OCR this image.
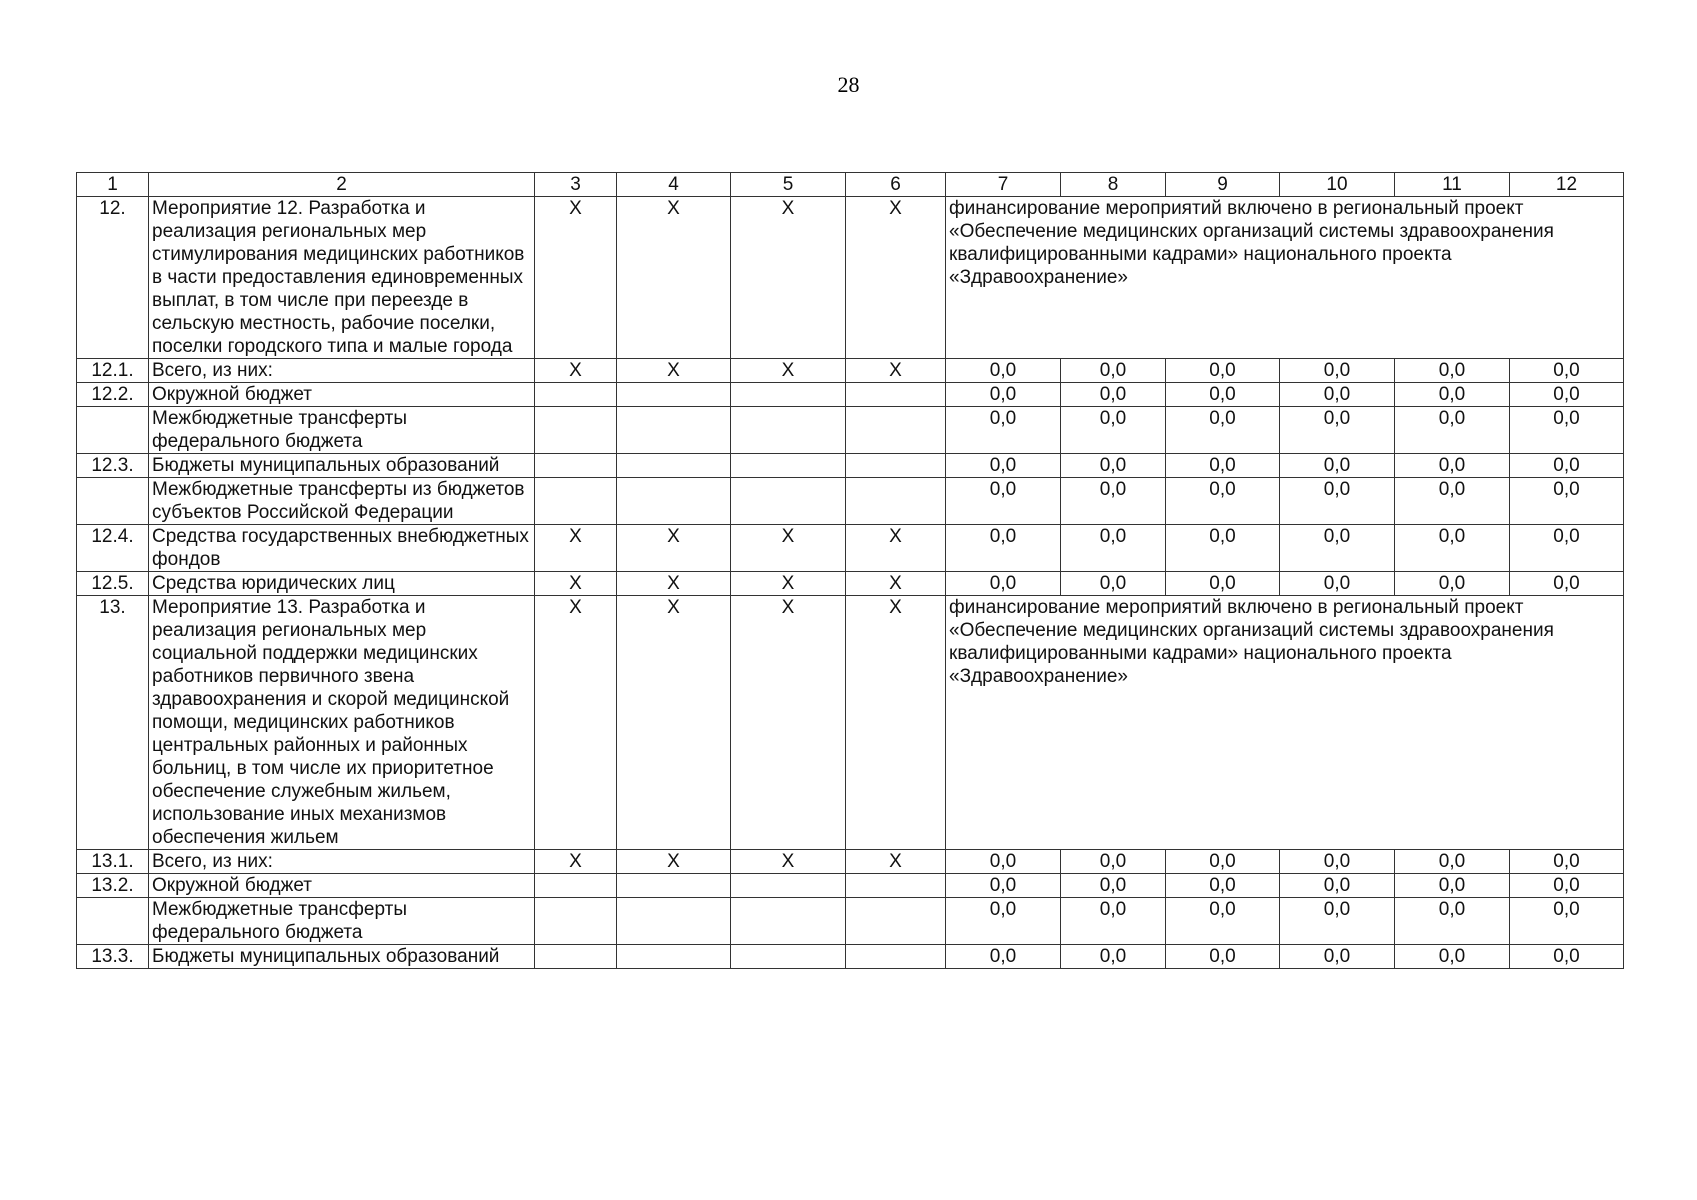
28
1	2	3	4	5	6	7	8	9	10	11	12
12.	Мероприятие 12. Разработка и реализация региональных мер стимулирования медицинских работников в части предоставления единовременных выплат, в том числе при переезде в сельскую местность, рабочие поселки, поселки городского типа и малые города	X	X	X	X	финансирование мероприятий включено в региональный проект «Обеспечение медицинских организаций системы здравоохранения квалифицированными кадрами» национального проекта «Здравоохранение»					
12.1.	Всего, из них:	X	X	X	X	0,0	0,0	0,0	0,0	0,0	0,0
12.2.	Окружной бюджет					0,0	0,0	0,0	0,0	0,0	0,0
	Межбюджетные трансферты федерального бюджета					0,0	0,0	0,0	0,0	0,0	0,0
12.3.	Бюджеты муниципальных образований					0,0	0,0	0,0	0,0	0,0	0,0
	Межбюджетные трансферты из бюджетов субъектов Российской Федерации					0,0	0,0	0,0	0,0	0,0	0,0
12.4.	Средства государственных внебюджетных фондов	X	X	X	X	0,0	0,0	0,0	0,0	0,0	0,0
12.5.	Средства юридических лиц	X	X	X	X	0,0	0,0	0,0	0,0	0,0	0,0
13.	Мероприятие 13. Разработка и реализация региональных мер социальной поддержки медицинских работников первичного звена здравоохранения и скорой медицинской помощи, медицинских работников центральных районных и районных больниц, в том числе их приоритетное обеспечение служебным жильем, использование иных механизмов обеспечения жильем	X	X	X	X	финансирование мероприятий включено в региональный проект «Обеспечение медицинских организаций системы здравоохранения квалифицированными кадрами» национального проекта «Здравоохранение»					
13.1.	Всего, из них:	X	X	X	X	0,0	0,0	0,0	0,0	0,0	0,0
13.2.	Окружной бюджет					0,0	0,0	0,0	0,0	0,0	0,0
	Межбюджетные трансферты федерального бюджета					0,0	0,0	0,0	0,0	0,0	0,0
13.3.	Бюджеты муниципальных образований					0,0	0,0	0,0	0,0	0,0	0,0
